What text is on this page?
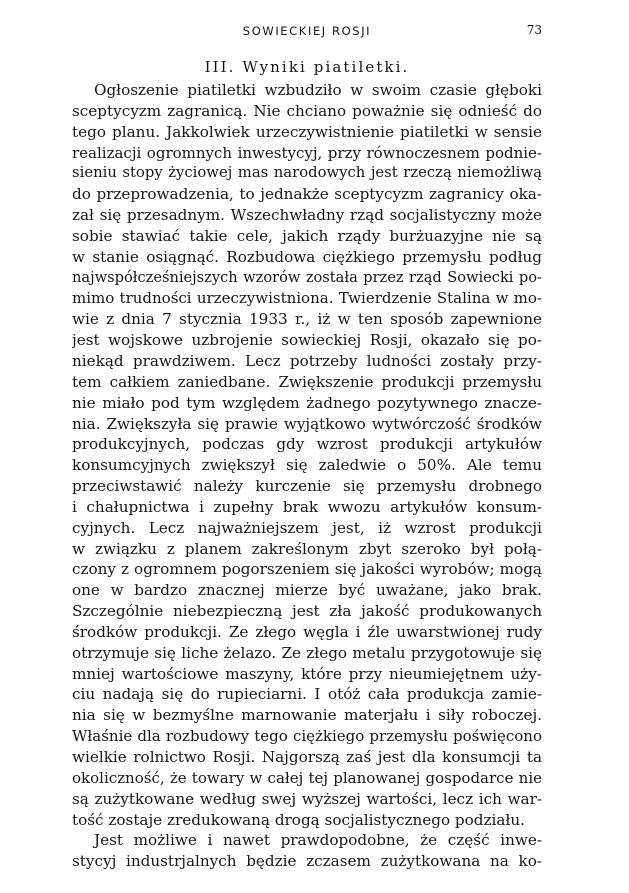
SOWIECKIEJ ROSJI	73
III. Wyniki piatiletki.
Ogłoszenie piatiletki wzbudziło w swoim czasie głęboki
sceptycyzm zagranicą. Nie chciano poważnie się odnieść do
tego planu. Jakkolwiek urzeczywistnienie piatiletki w sensie
realizacji ogromnych inwestycyj, przy równoczesnem podnie-
sieniu stopy życiowej mas narodowych jest rzeczą niemożliwą
do przeprowadzenia, to jednakże sceptycyzm zagranicy oka-
zał się przesadnym. Wszechwładny rząd socjalistyczny może
sobie stawiać takie cele, jakich rządy burżuazyjne nie są
w stanie osiągnąć. Rozbudowa ciężkiego przemysłu podług
najwspółcześniejszych wzorów została przez rząd Sowiecki po-
mimo trudności urzeczywistniona. Twierdzenie Stalina w mo-
wie z dnia 7 stycznia 1933 r., iż w ten sposób zapewnione
jest wojskowe uzbrojenie sowieckiej Rosji, okazało się po-
niekąd prawdziwem. Lecz potrzeby ludności zostały przy-
tem całkiem zaniedbane. Zwiększenie produkcji przemysłu
nie miało pod tym względem żadnego pozytywnego znacze-
nia. Zwiększyła się prawie wyjątkowo wytwórczość środków
produkcyjnych, podczas gdy wzrost produkcji artykułów
konsumcyjnych zwiększył się zaledwie o 50%. Ale temu
przeciwstawić należy kurczenie się przemysłu drobnego
i chałupnictwa i zupełny brak wwozu artykułów konsum-
cyjnych. Lecz najważniejszem jest, iż wzrost produkcji
w związku z planem zakreślonym zbyt szeroko był połą-
czony z ogromnem pogorszeniem się jakości wyrobów; mogą
one w bardzo znacznej mierze być uważane, jako brak.
Szczególnie niebezpieczną jest zła jakość produkowanych
środków produkcji. Ze złego węgla i źle uwarstwionej rudy
otrzymuje się liche żelazo. Ze złego metalu przygotowuje się
mniej wartościowe maszyny, które przy nieumiejętnem uży-
ciu nadają się do rupieciarni. I otóż cała produkcja zamie-
nia się w bezmyślne marnowanie materjału i siły roboczej.
Właśnie dla rozbudowy tego ciężkiego przemysłu poświęcono
wielkie rolnictwo Rosji. Najgorszą zaś jest dla konsumcji ta
okoliczność, że towary w całej tej planowanej gospodarce nie
są zużytkowane według swej wyższej wartości, lecz ich war-
tość zostaje zredukowaną drogą socjalistycznego podziału.
Jest możliwe i nawet prawdopodobne, że część inwe-
stycyj industrjalnych będzie zczasem zużytkowana na ko-
